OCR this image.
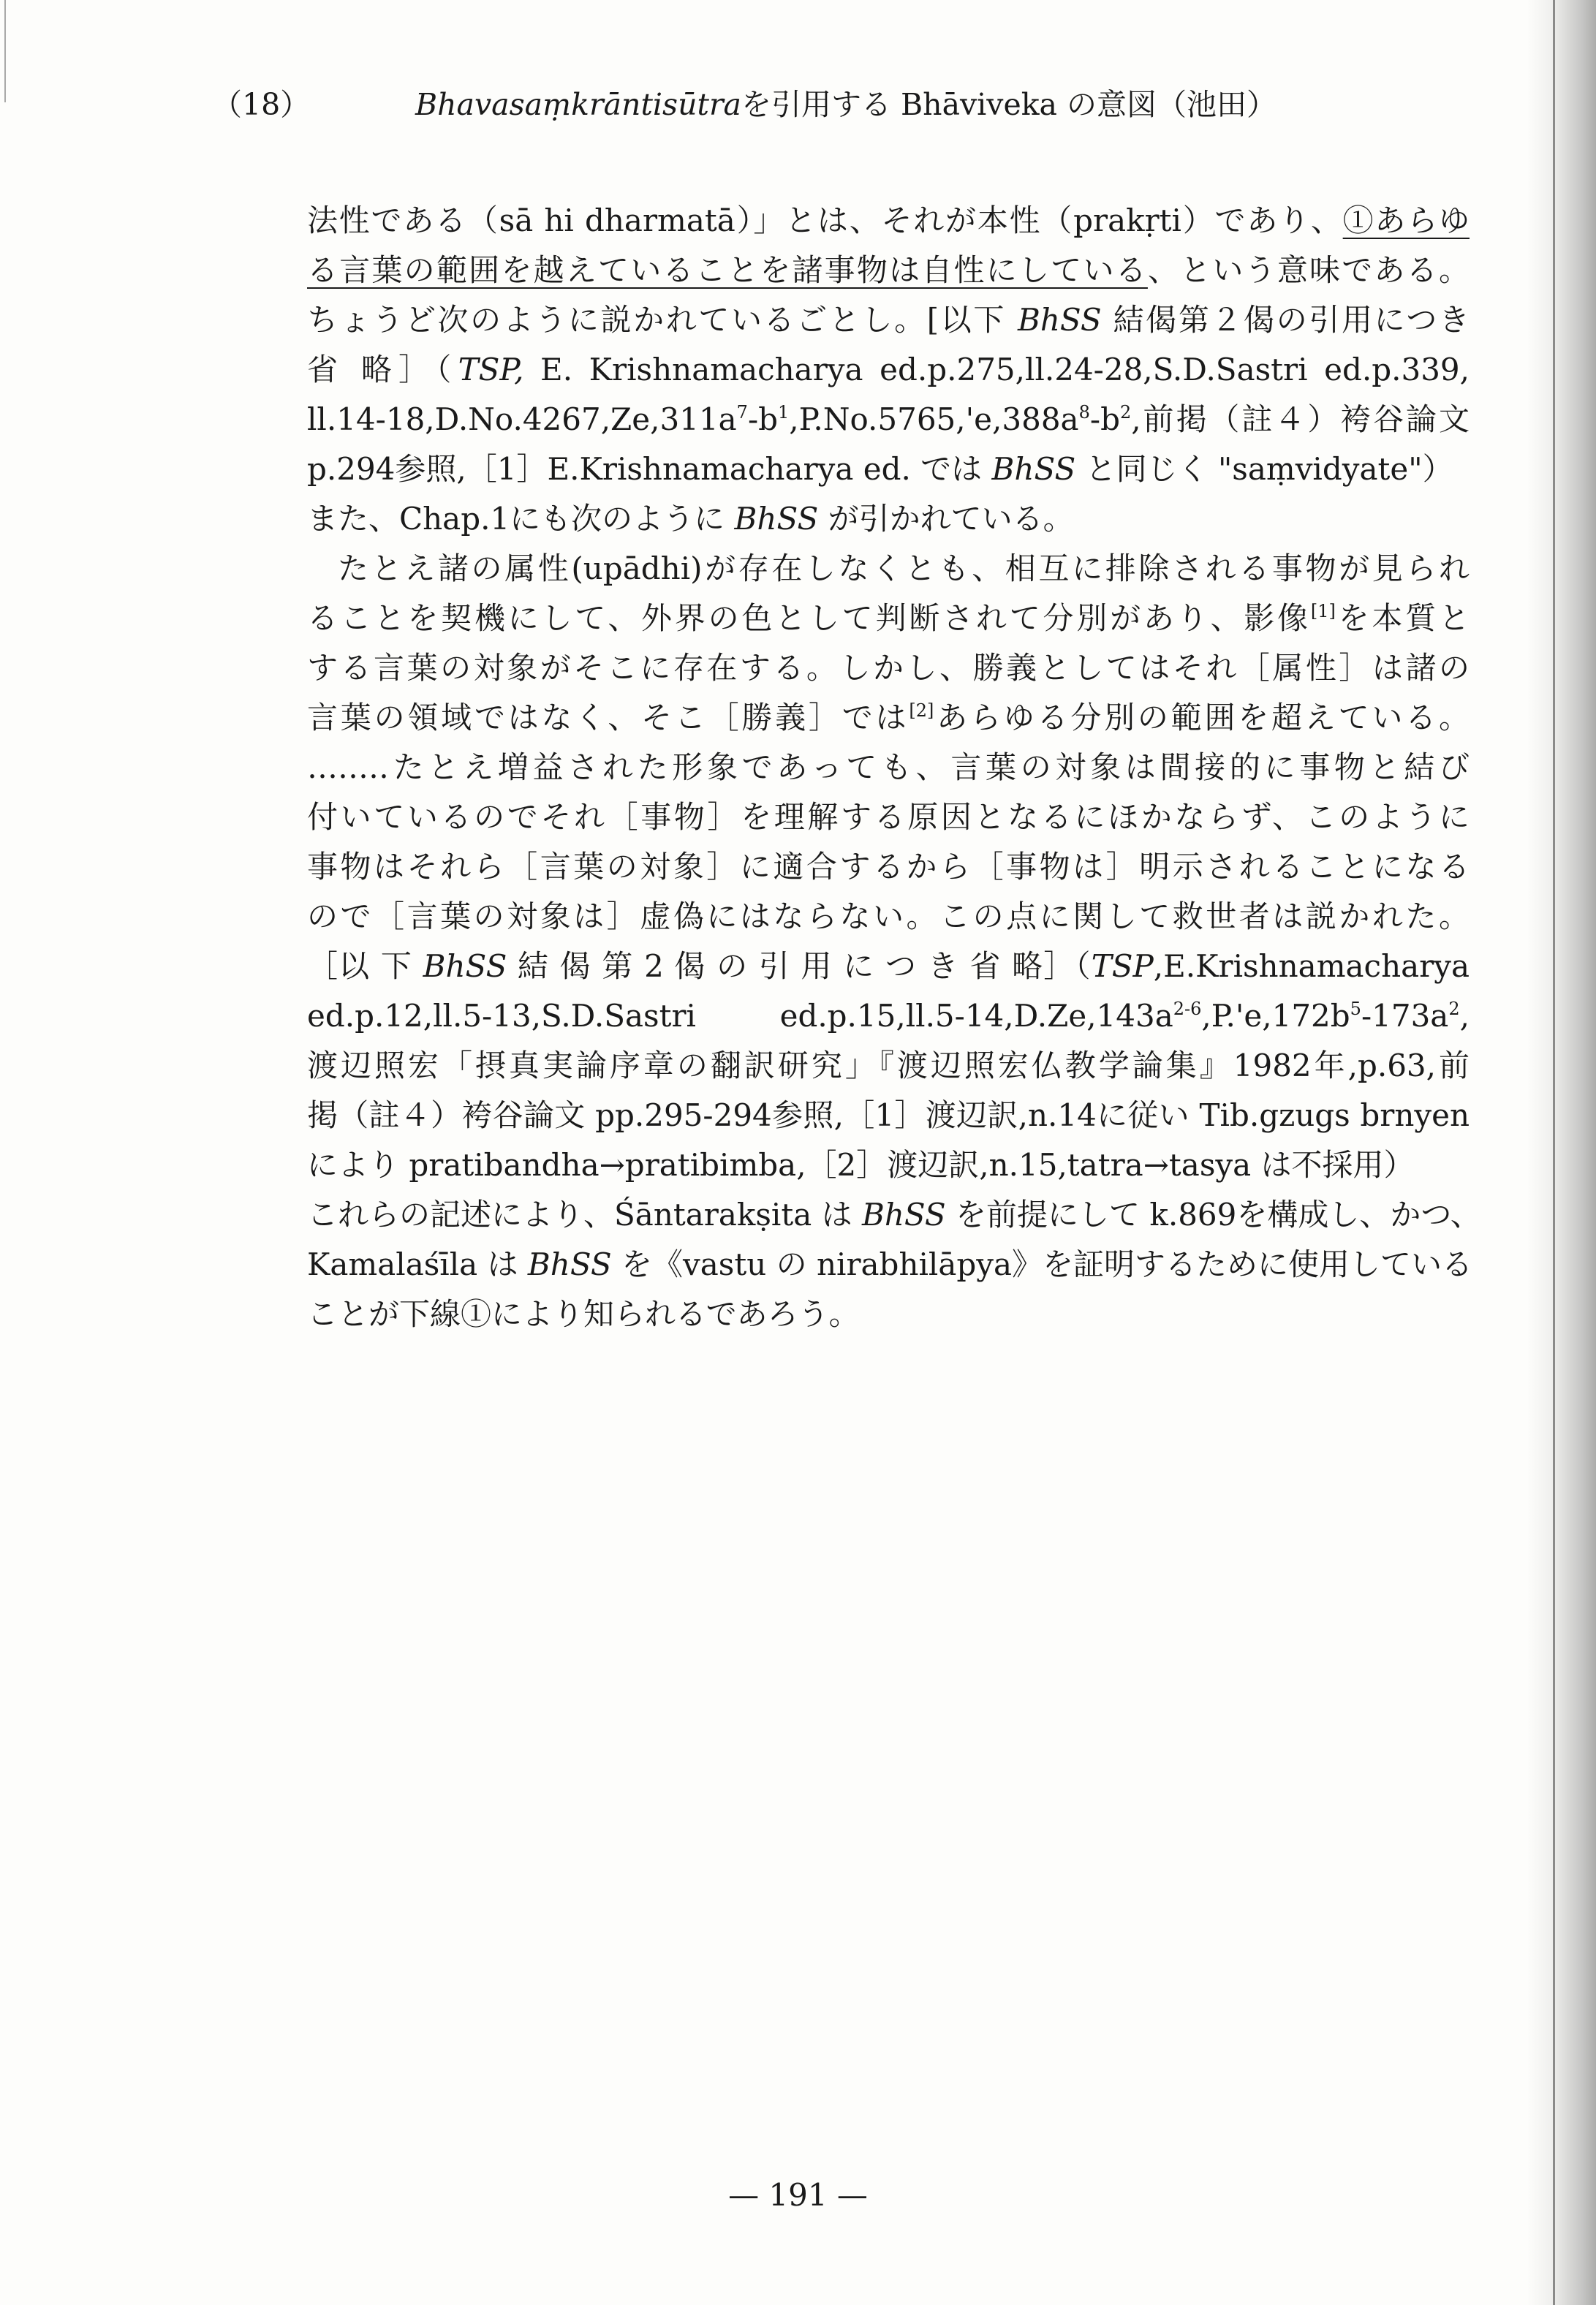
（18）	Bhavasaṃkrāntisūtraを引用する Bhāviveka の意図（池田）
法性である（sā hi dharmatā）」とは、それが本性（prakṛti）であり、①あらゆ
る言葉の範囲を越えていることを諸事物は自性にしている、という意味である。
ちょうど次のように説かれているごとし。[以下 BhSS 結偈第２偈の引用につき
省 略］（TSP, E. Krishnamacharya ed.p.275,ll.24-28,S.D.Sastri ed.p.339,
$ll.14-18,D.No.4267,Ze,311a^7-b^1,P.No.5765,'e,388a^8-b^2$,前掲（註４）袴谷論文
p.294参照,［1］E.Krishnamacharya ed. では BhSS と同じく "saṃvidyate"）
また、Chap.1にも次のように BhSS が引かれている。
たとえ諸の属性(upādhi)が存在しなくとも、相互に排除される事物が見られ
ることを契機にして、外界の色として判断されて分別があり、影像[1]を本質と
する言葉の対象がそこに存在する。しかし、勝義としてはそれ［属性］は諸の
言葉の領域ではなく、そこ［勝義］では[2]あらゆる分別の範囲を超えている。
‥‥‥‥たとえ増益された形象であっても、言葉の対象は間接的に事物と結び
付いているのでそれ［事物］を理解する原因となるにほかならず、このように
事物はそれら［言葉の対象］に適合するから［事物は］明示されることになる
ので［言葉の対象は］虚偽にはならない。この点に関して救世者は説かれた。
［以 下 BhSS 結 偈 第 2 偈 の 引 用 に つ き 省 略］（TSP,E.Krishnamacharya
ed.p.12,ll.5-13,S.D.Sastri $ed.p.15,ll.5-14,D.Ze,143a^{2-6},P.'e,172b^5-173a^2$,
渡辺照宏「摂真実論序章の翻訳研究」『渡辺照宏仏教学論集』1982年,p.63,前
掲（註４）袴谷論文 pp.295-294参照,［1］渡辺訳,n.14に従い Tib.gzugs brnyen
により pratibandha→pratibimba,［2］渡辺訳,n.15,tatra→tasya は不採用）
これらの記述により、Śāntarakṣita は BhSS を前提にして k.869を構成し、かつ、
Kamalaśīla は BhSS を《vastu の nirabhilāpya》を証明するために使用している
ことが下線①により知られるであろう。
— 191 —
